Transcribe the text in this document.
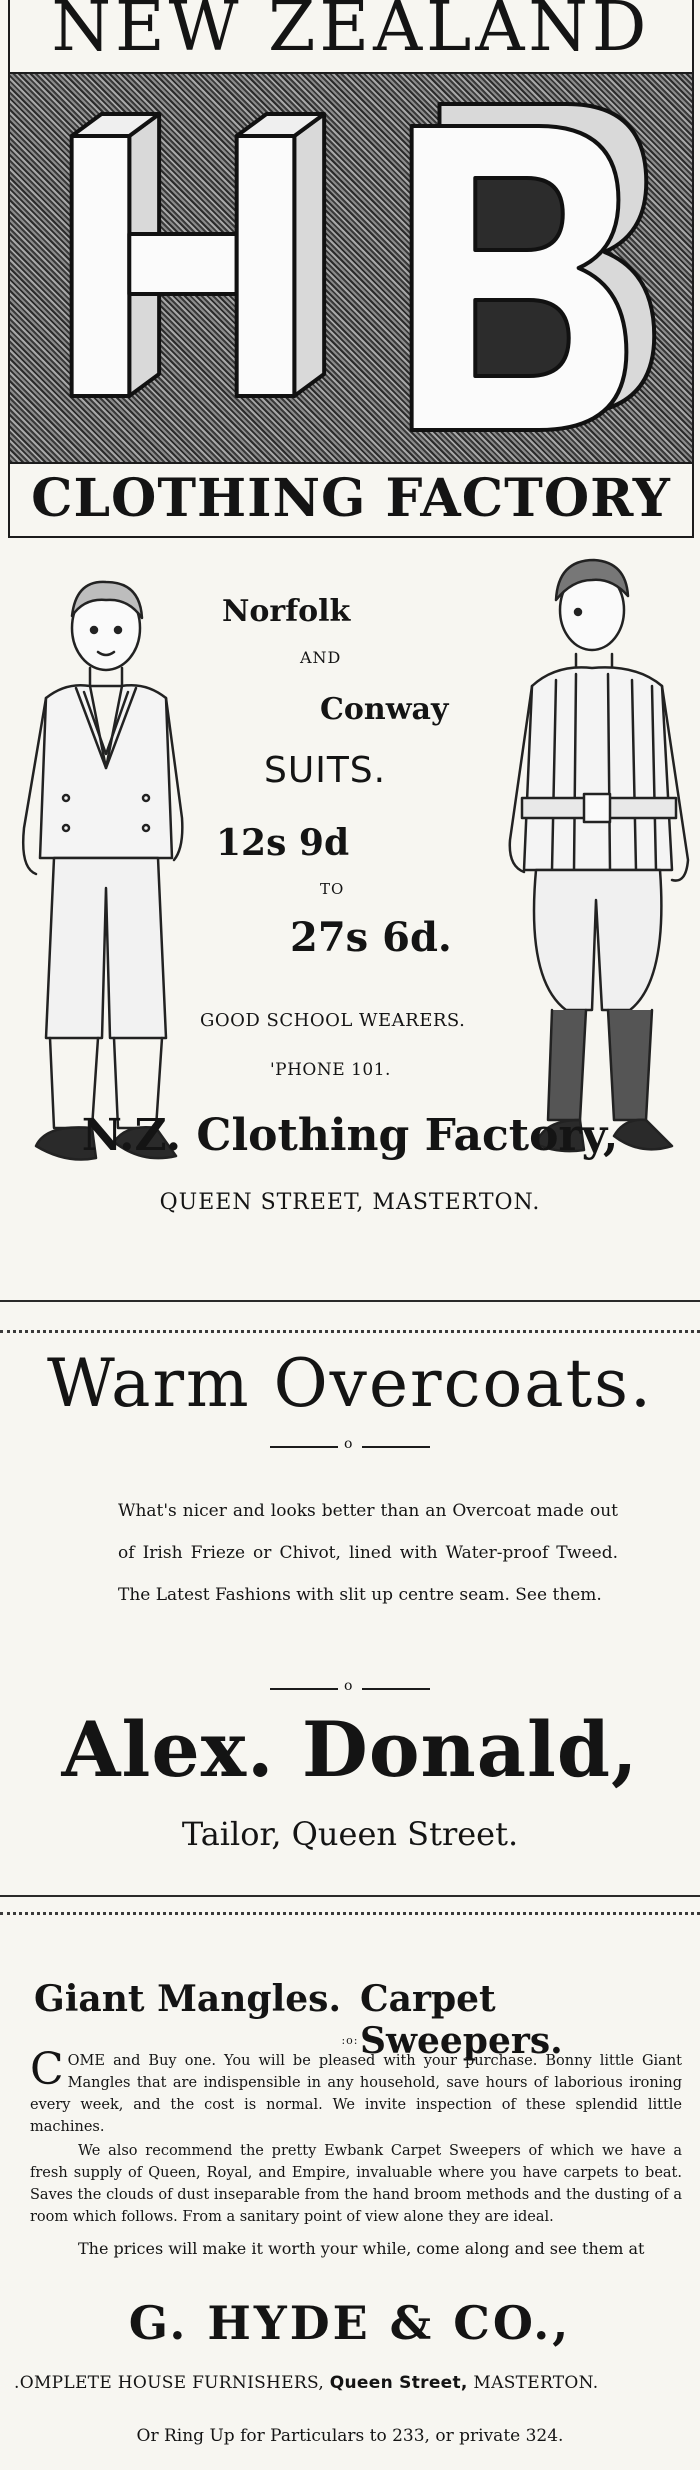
NEW ZEALAND
CLOTHING FACTORY
Norfolk
AND
Conway
SUITS.
12s 9d
TO
27s 6d.
GOOD SCHOOL WEARERS.
'PHONE 101.
N.Z. Clothing Factory,
QUEEN STREET, MASTERTON.
Warm Overcoats.
o

What's nicer and looks better than an Overcoat made out of Irish Frieze or Chivot, lined with Water-proof Tweed. The Latest Fashions with slit up centre seam. See them.

o
Alex. Donald,
Tailor, Queen Street.
Giant Mangles. Carpet Sweepers.
:o:

COME and Buy one. You will be pleased with your purchase. Bonny little Giant Mangles that are indispensible in any household, save hours of laborious ironing every week, and the cost is normal. We invite inspection of these splendid little machines.

We also recommend the pretty Ewbank Carpet Sweepers of which we have a fresh supply of Queen, Royal, and Empire, invaluable where you have carpets to beat. Saves the clouds of dust inseparable from the hand broom methods and the dusting of a room which follows. From a sanitary point of view alone they are ideal.

The prices will make it worth your while, come along and see them at

G. HYDE & CO.,
.OMPLETE HOUSE FURNISHERS, Queen Street, MASTERTON.
Or Ring Up for Particulars to 233, or private 324.
